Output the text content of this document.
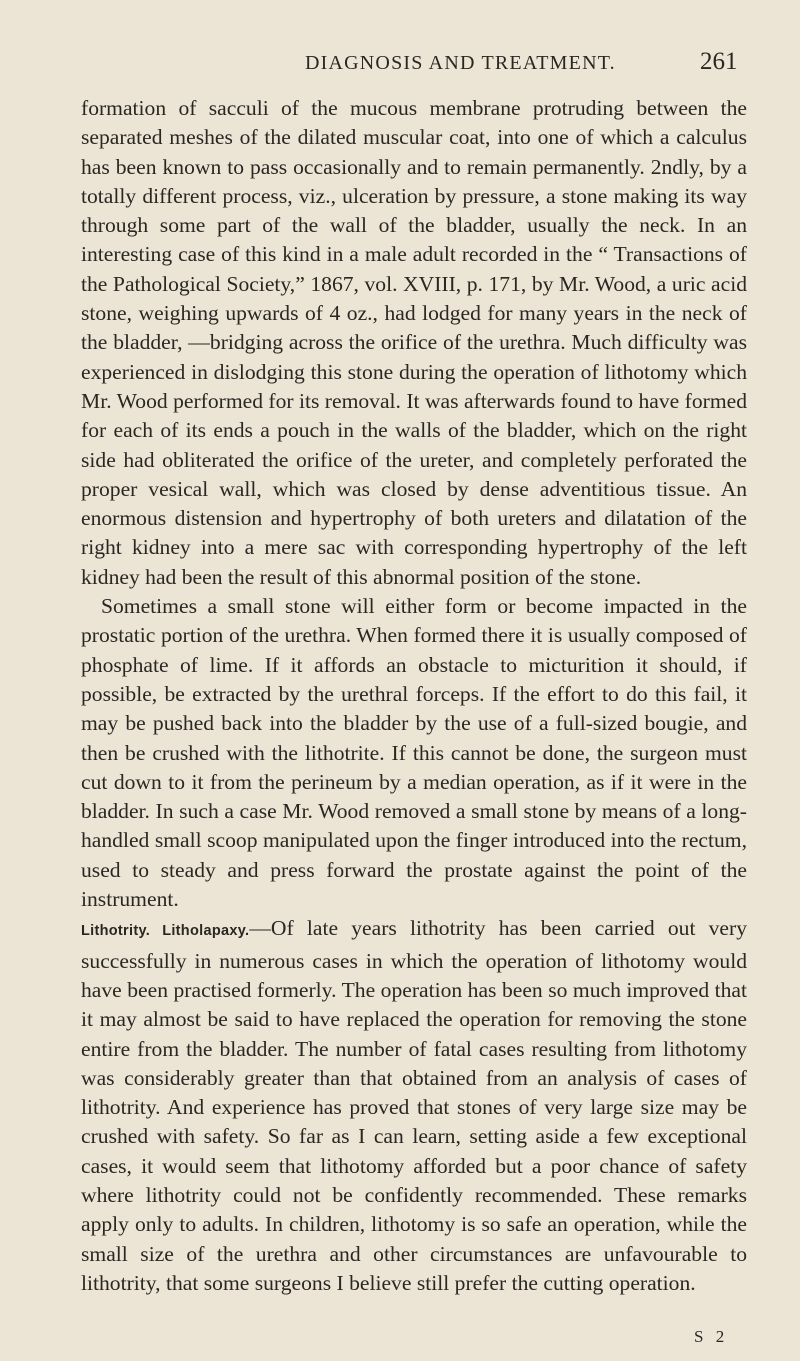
DIAGNOSIS AND TREATMENT.	261

formation of sacculi of the mucous membrane protruding between the separated meshes of the dilated muscular coat, into one of which a calculus has been known to pass occasionally and to remain permanently. 2ndly, by a totally different process, viz., ulceration by pressure, a stone making its way through some part of the wall of the bladder, usually the neck. In an interesting case of this kind in a male adult recorded in the “ Transactions of the Pathological Society,” 1867, vol. XVIII, p. 171, by Mr. Wood, a uric acid stone, weighing upwards of 4 oz., had lodged for many years in the neck of the bladder, —bridging across the orifice of the urethra. Much difficulty was experienced in dislodging this stone during the operation of lithotomy which Mr. Wood performed for its removal. It was afterwards found to have formed for each of its ends a pouch in the walls of the bladder, which on the right side had obliterated the orifice of the ureter, and completely perforated the proper vesical wall, which was closed by dense adventitious tissue. An enormous distension and hypertrophy of both ureters and dilatation of the right kidney into a mere sac with corresponding hypertrophy of the left kidney had been the result of this abnormal position of the stone.

Sometimes a small stone will either form or become impacted in the prostatic portion of the urethra. When formed there it is usually composed of phosphate of lime. If it affords an obstacle to micturition it should, if possible, be extracted by the urethral forceps. If the effort to do this fail, it may be pushed back into the bladder by the use of a full-sized bougie, and then be crushed with the lithotrite. If this cannot be done, the surgeon must cut down to it from the perineum by a median operation, as if it were in the bladder. In such a case Mr. Wood removed a small stone by means of a long-handled small scoop manipulated upon the finger introduced into the rectum, used to steady and press forward the prostate against the point of the instrument.

Lithotrity. Litholapaxy.—Of late years lithotrity has been carried out very successfully in numerous cases in which the operation of lithotomy would have been practised formerly. The operation has been so much improved that it may almost be said to have replaced the operation for removing the stone entire from the bladder. The number of fatal cases resulting from lithotomy was considerably greater than that obtained from an analysis of cases of lithotrity. And experience has proved that stones of very large size may be crushed with safety. So far as I can learn, setting aside a few exceptional cases, it would seem that lithotomy afforded but a poor chance of safety where lithotrity could not be confidently recommended. These remarks apply only to adults. In children, lithotomy is so safe an operation, while the small size of the urethra and other circumstances are unfavourable to lithotrity, that some surgeons I believe still prefer the cutting operation.

S 2
